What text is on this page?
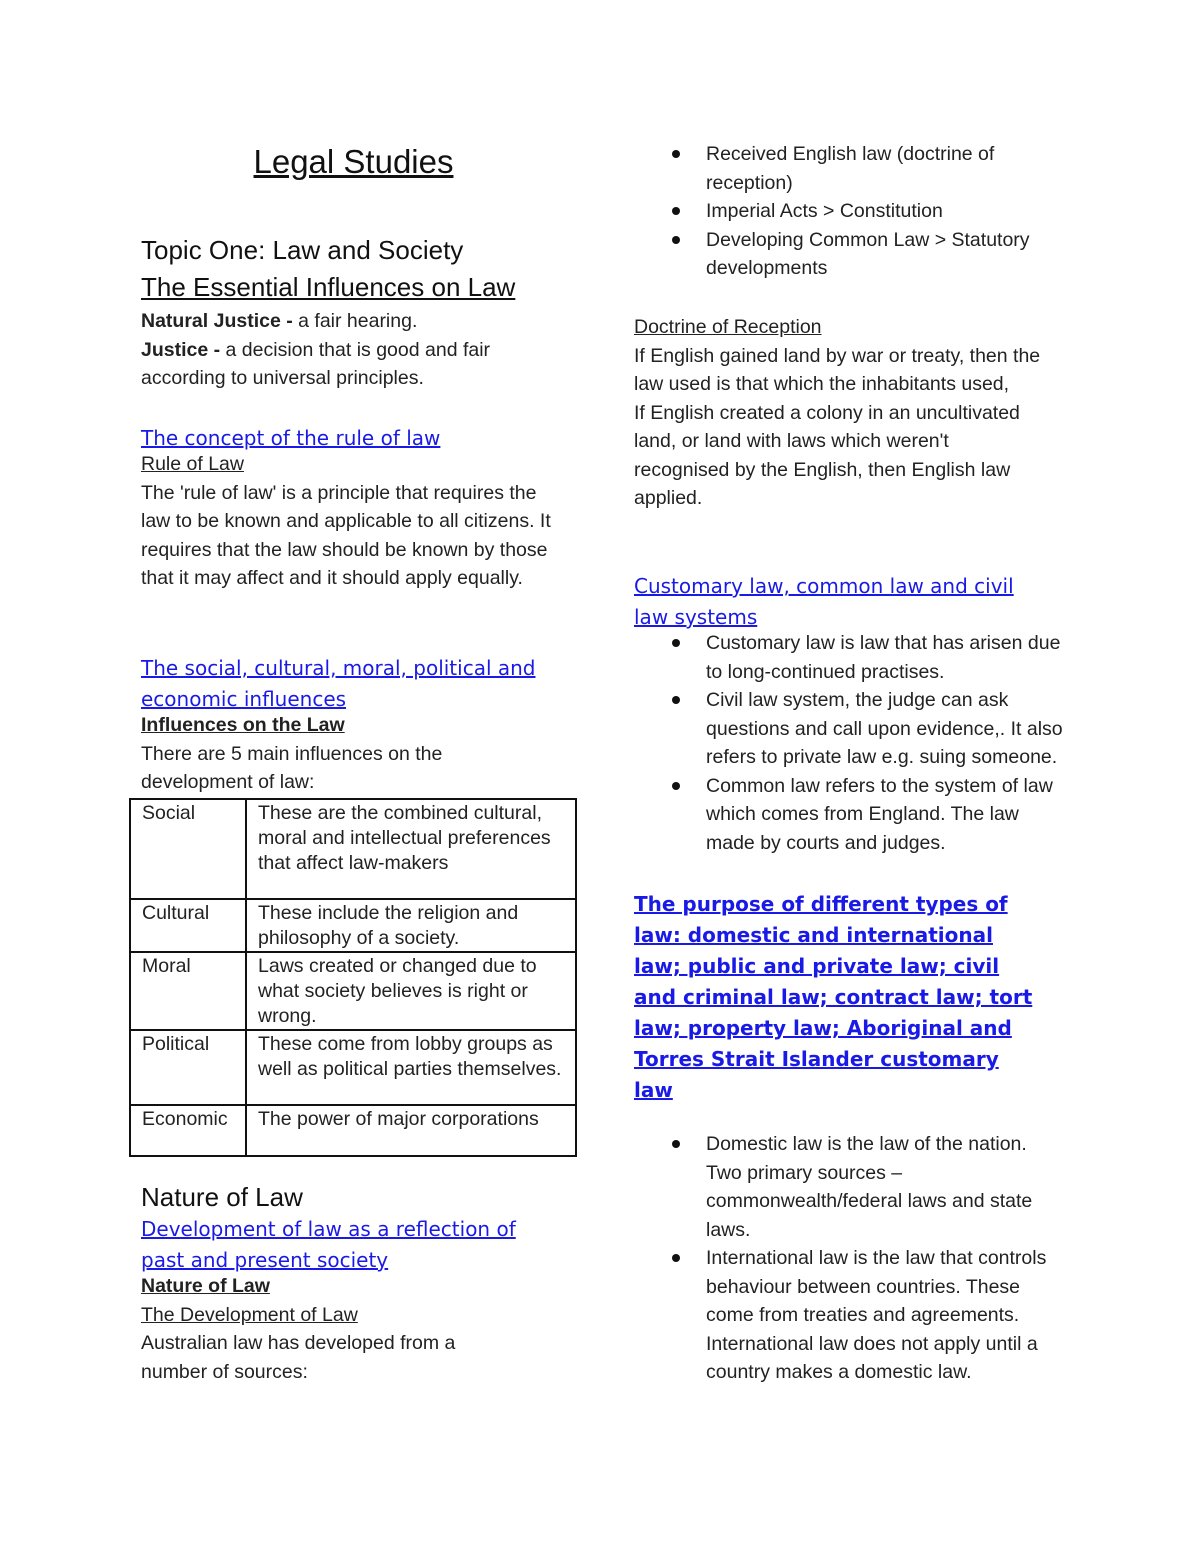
Legal Studies
Topic One: Law and Society
The Essential Influences on Law
Natural Justice - a fair hearing.
Justice - a decision that is good and fair according to universal principles.
The concept of the rule of law
Rule of Law
The 'rule of law' is a principle that requires the law to be known and applicable to all citizens. It requires that the law should be known by those that it may affect and it should apply equally.
The social, cultural, moral, political and economic influences
Influences on the Law
There are 5 main influences on the development of law:
Social	These are the combined cultural, moral and intellectual preferences that affect law-makers
Cultural	These include the religion and philosophy of a society.
Moral	Laws created or changed due to what society believes is right or wrong.
Political	These come from lobby groups as well as political parties themselves.
Economic	The power of major corporations
Nature of Law
Development of law as a reflection of past and present society
Nature of Law
The Development of Law
Australian law has developed from a number of sources:
Received English law (doctrine of reception)
Imperial Acts > Constitution
Developing Common Law > Statutory developments
Doctrine of Reception
If English gained land by war or treaty, then the law used is that which the inhabitants used,
If English created a colony in an uncultivated land, or land with laws which weren't recognised by the English, then English law applied.
Customary law, common law and civil law systems
Customary law is law that has arisen due to long-continued practises.
Civil law system, the judge can ask questions and call upon evidence,. It also refers to private law e.g. suing someone.
Common law refers to the system of law which comes from England. The law made by courts and judges.
The purpose of different types of law: domestic and international law; public and private law; civil and criminal law; contract law; tort law; property law; Aboriginal and Torres Strait Islander customary law
Domestic law is the law of the nation. Two primary sources – commonwealth/federal laws and state laws.
International law is the law that controls behaviour between countries. These come from treaties and agreements. International law does not apply until a country makes a domestic law.
